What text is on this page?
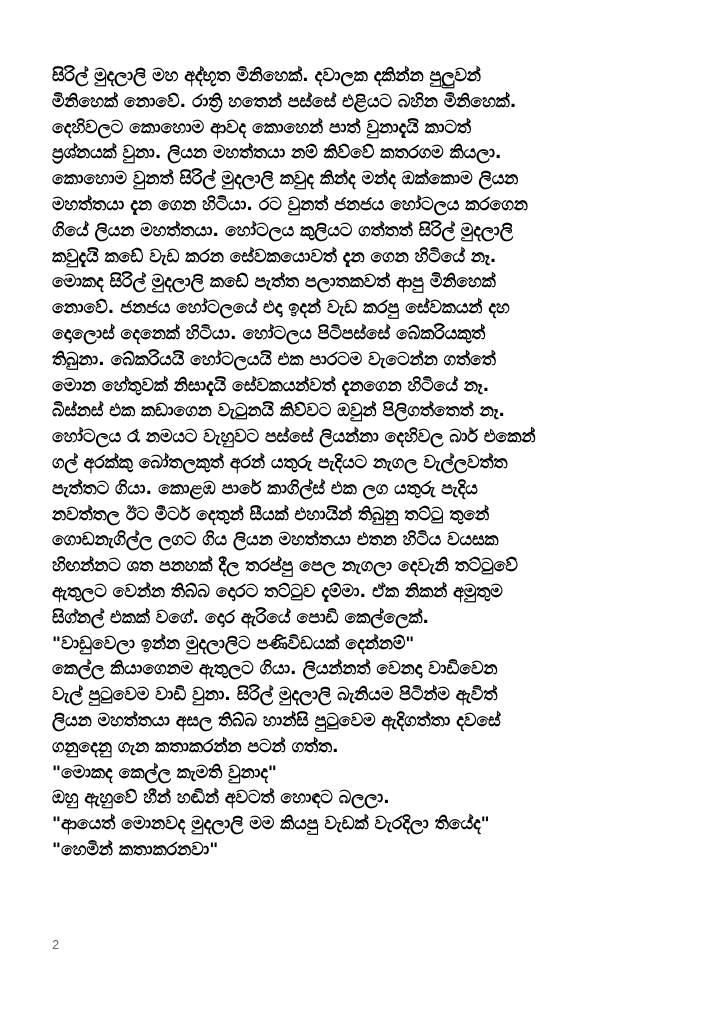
සිරිල් මුදලාලි මහ අද්භූත මිනිහෙක්. දවාලක දකින්න පුලුවන්
මිනිහෙක් නොවේ. රාත්‍රි හතෙන් පස්සේ එළියට බහින මිනිහෙක්.
දෙහිවලට කොහොම ආවද කොහෙන් පාත් වුනාදැයි කාටත්
ප්‍රශ්නයක් වුනා. ලියන මහත්තයා නම් කිව්වේ කතරගම කියලා.
කොහොම වුනත් සිරිල් මුදලාලි කවුද කින්ද මන්ද ඔක්කොම ලියන
මහත්තයා දැන ගෙන හිටියා. රට වුනත් ජනජය හෝටලය කරගෙන
ගියේ ලියන මහත්තයා. හෝටලය කුලියට ගත්තත් සිරිල් මුදලාලි
කවුදැයි කඩේ වැඩ කරන සේවකයොවත් දැන ගෙන හිටියේ නෑ.
මොකද සිරිල් මුදලාලි කඩේ පැත්ත පලාතකවත් ආපු මිනිහෙක්
නොවේ. ජනජය හෝටලයේ එදා ඉදන් වැඩ කරපු සේවකයන් දහ
දොලොස් දෙනෙක් හිටියා. හෝටලය පිටිපස්සේ බේකරියකුත්
තිබුනා. බේකරියයි හෝටලයයි එක පාරටම වැටෙන්න ගත්තේ
මොන හේතුවක් නිසාදැයි සේවකයන්වත් දැනගෙන හිටියේ නෑ.
බිස්නස් එක කඩාගෙන වැටුනයි කිව්වට ඔවුන් පිලිගත්තෙත් නෑ.
හෝටලය රෑ නමයට වැහුවට පස්සේ ලියන්නා දෙහිවල බාර් එකෙන්
ගල් අරක්කු බෝතලකුත් අරන් යතුරු පැදියට නැගල වැල්ලවත්ත
පැත්තට ගියා. කොළඹ පාරේ කාගිල්ස් එක ලග යතුරු පැදිය
නවත්තල ඊට මීටර් දෙතුන් සීයක් එහායින් තිබුනු තට්ටු තුනේ
ගොඩනැගිල්ල ලගට ගිය ලියන මහත්තයා එතන හිටිය වයසක
හිඟන්නට ශත පනහක් දීල තරප්පු පෙල නැගලා දෙවැනි තට්ටුවේ
ඇතුලට වෙන්න තිබ්බ දොරට තට්ටුව දැම්මා. ඒක නිකන් අමුතුම
සිග්නල් එකක් වගේ. දොර ඇරියේ පොඩි කෙල්ලෙක්.
"වාඩුවෙලා ඉන්න මුදලාලිට පණිවිඩයක් දෙන්නම්"
කෙල්ල කියාගෙනම ඇතුලට ගියා. ලියන්නත් වෙනදා වාඩිවෙන
වැල් පුටුවෙම වාඩි වුනා. සිරිල් මුදලාලි බැනියම පිටින්ම ඇවිත්
ලියන මහත්තයා අසල තිබ්බ හාන්සි පුටුවෙම ඇදිගත්තා දවසේ
ගනුදෙනු ගැන කතාකරන්න පටන් ගත්ත.
"මොකද කෙල්ල කැමති වුනාද"
ඔහු ඇහුවේ හීන් හඬින් අවටත් හොඳට බලලා.
"ආයෙත් මොනවද මුදලාලි මම කියපු වැඩක් වැරදිලා තියේද"
"හෙමින් කතාකරනවා"
2
